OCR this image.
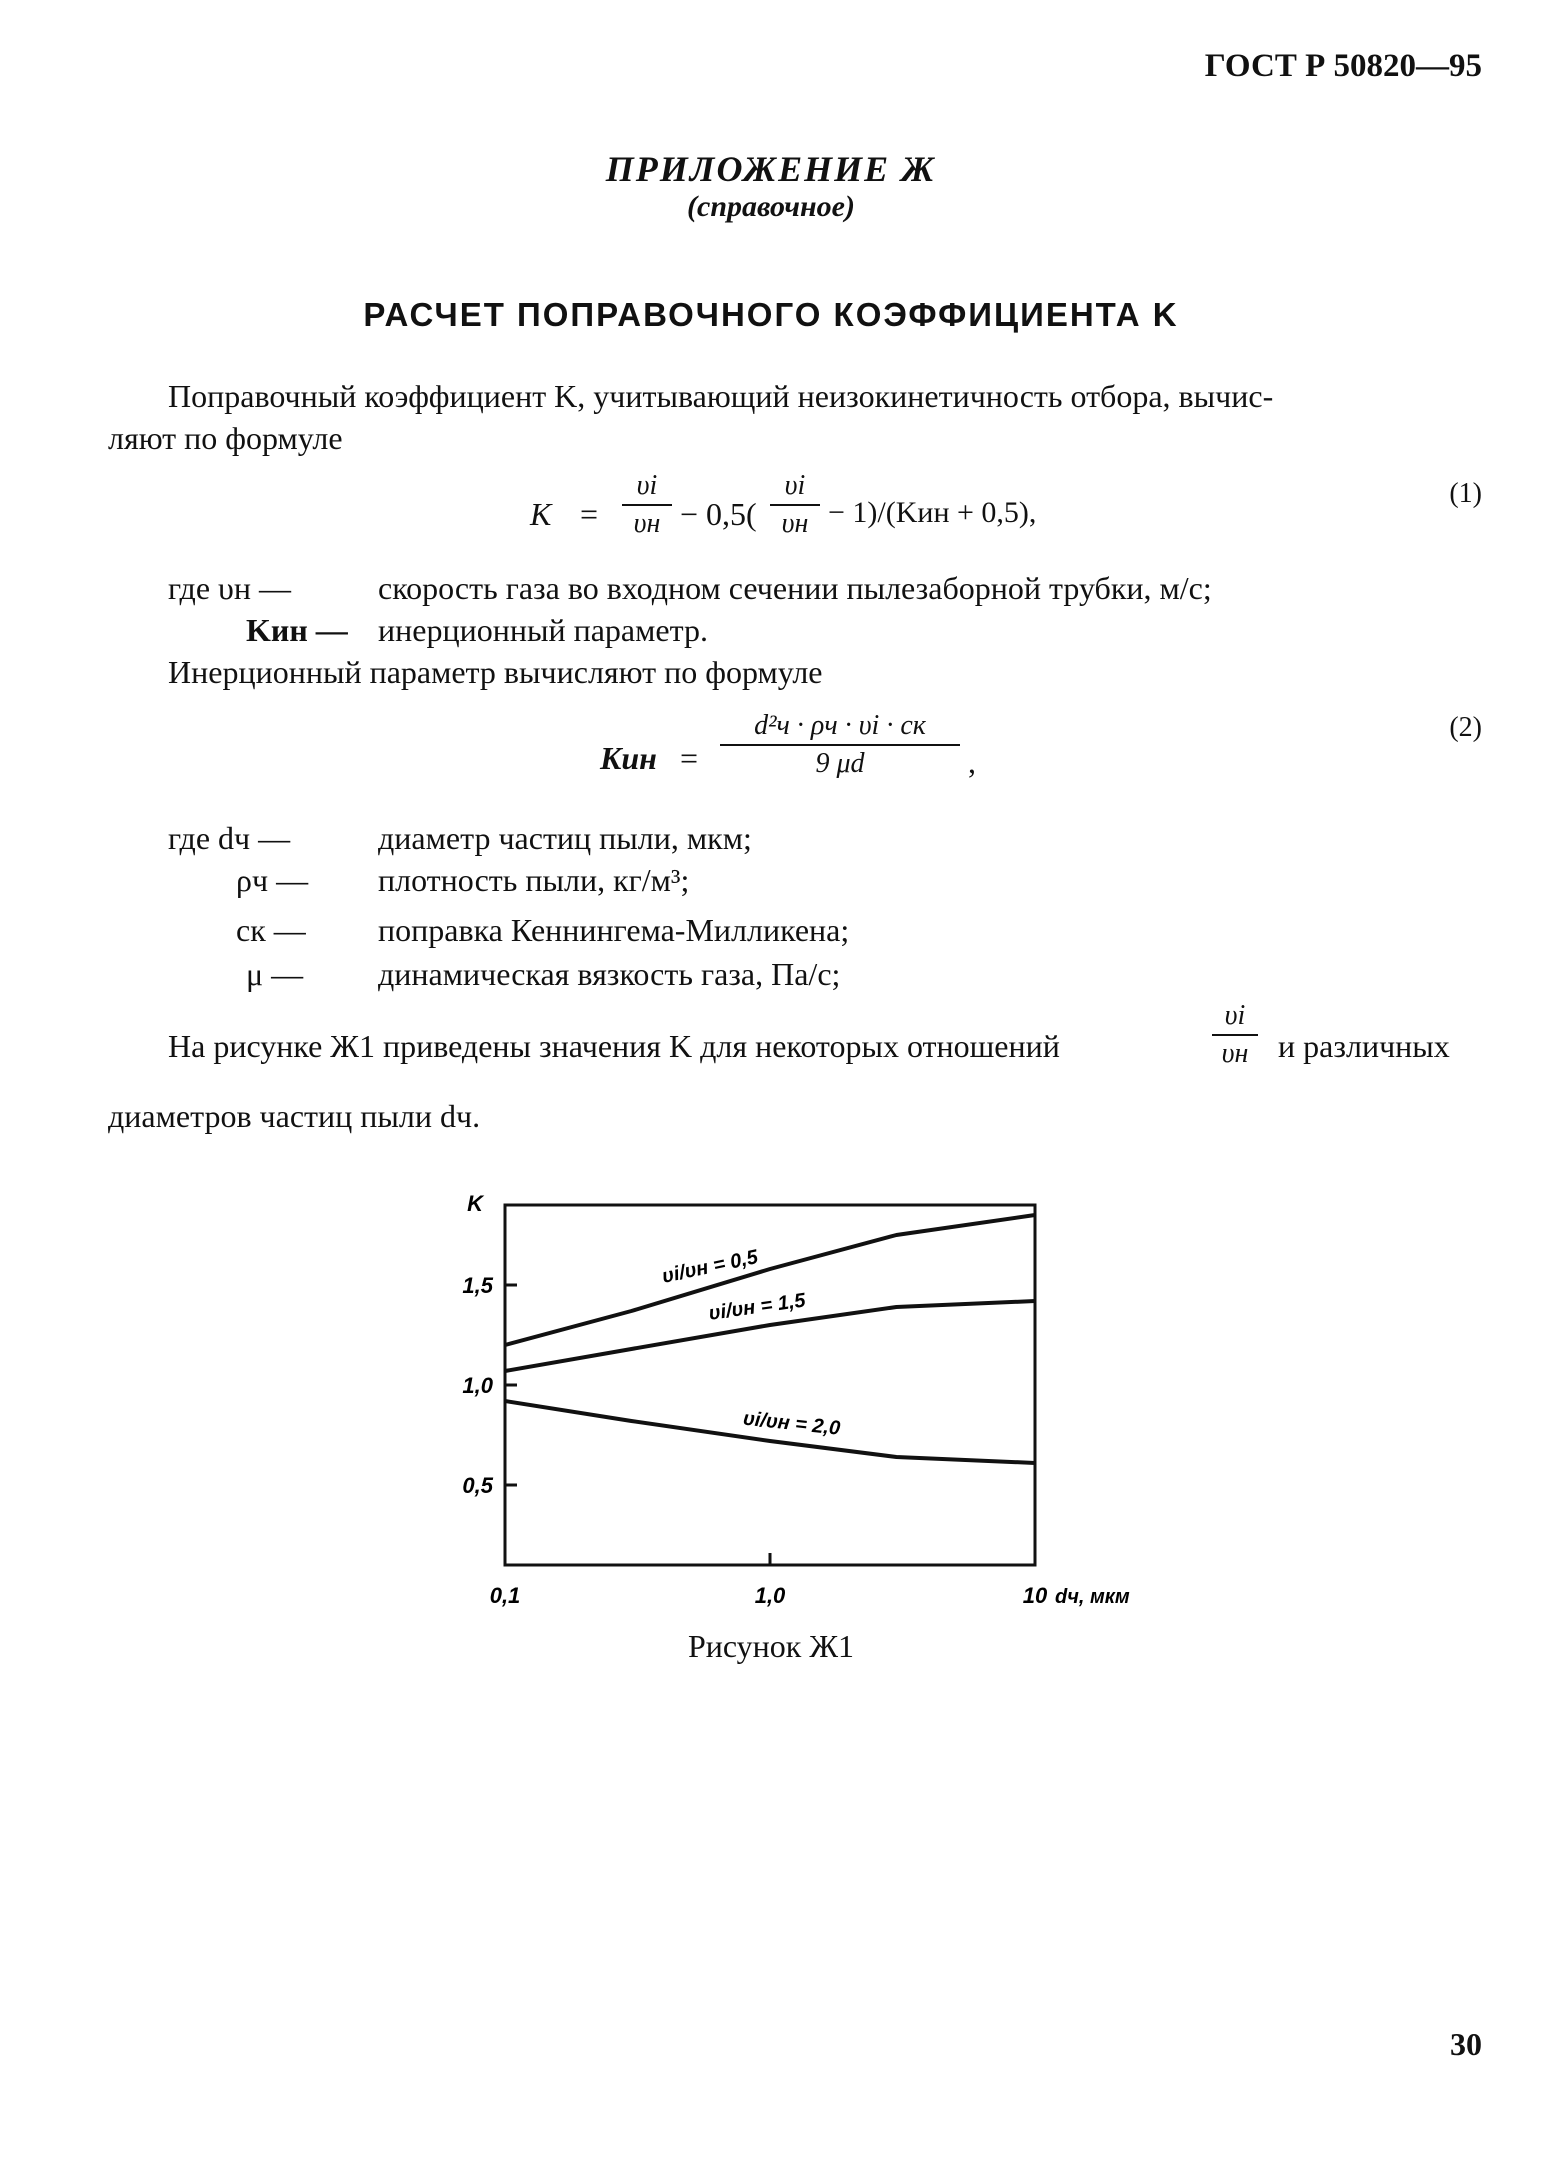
ГОСТ Р 50820—95
ПРИЛОЖЕНИЕ Ж
(справочное)
РАСЧЕТ ПОПРАВОЧНОГО КОЭФФИЦИЕНТА K
Поправочный коэффициент K, учитывающий неизокинетичность отбора, вычис-
ляют по формуле
K =
υi
υн − 0,5(
υi
υн − 1)/(Kин + 0,5),
(1)
где υн —	скорость газа во входном сечении пылезаборной трубки, м/с;
Kин — инерционный параметр.
Инерционный параметр вычисляют по формуле
Kин =
d²ч · ρч · υi · cк
9 μd	,
(2)
где dч —	диаметр частиц пыли, мкм;
ρч — плотность пыли, кг/м³;
cк — поправка Кеннингема-Милликена;
μ — динамическая вязкость газа, Па/с;
На рисунке Ж1 приведены значения K для некоторых отношений
υi
υн и различных
диаметров частиц пыли dч.
0,5
1,0
1,5
K
0,1	1,0	10 dч, мкм
υi/υн = 0,5
υi/υн = 1,5
υi/υн = 2,0
Рисунок Ж1
30
